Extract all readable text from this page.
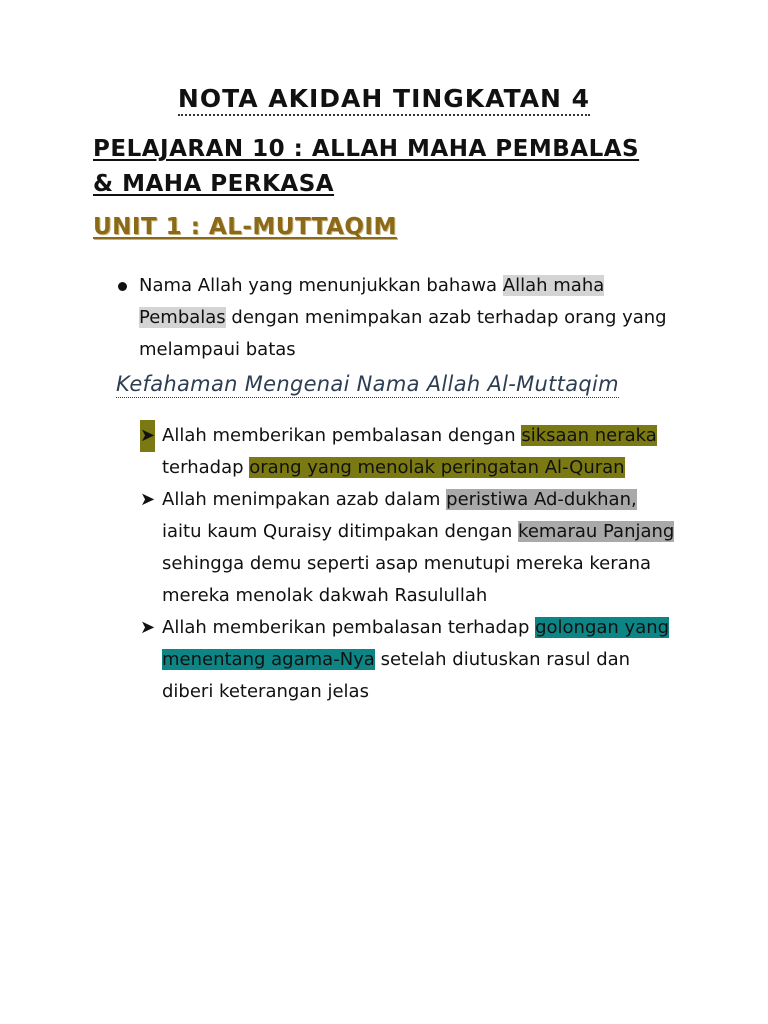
NOTA AKIDAH TINGKATAN 4
PELAJARAN 10 : ALLAH MAHA PEMBALAS & MAHA PERKASA
UNIT 1 : AL-MUTTAQIM
Nama Allah yang menunjukkan bahawa Allah maha Pembalas dengan menimpakan azab terhadap orang yang melampaui batas
Kefahaman Mengenai Nama Allah Al-Muttaqim
➤ Allah memberikan pembalasan dengan siksaan neraka terhadap orang yang menolak peringatan Al-Quran
➤ Allah menimpakan azab dalam peristiwa Ad-dukhan, iaitu kaum Quraisy ditimpakan dengan kemarau Panjang sehingga demu seperti asap menutupi mereka kerana mereka menolak dakwah Rasulullah
➤ Allah memberikan pembalasan terhadap golongan yang menentang agama-Nya setelah diutuskan rasul dan diberi keterangan jelas
